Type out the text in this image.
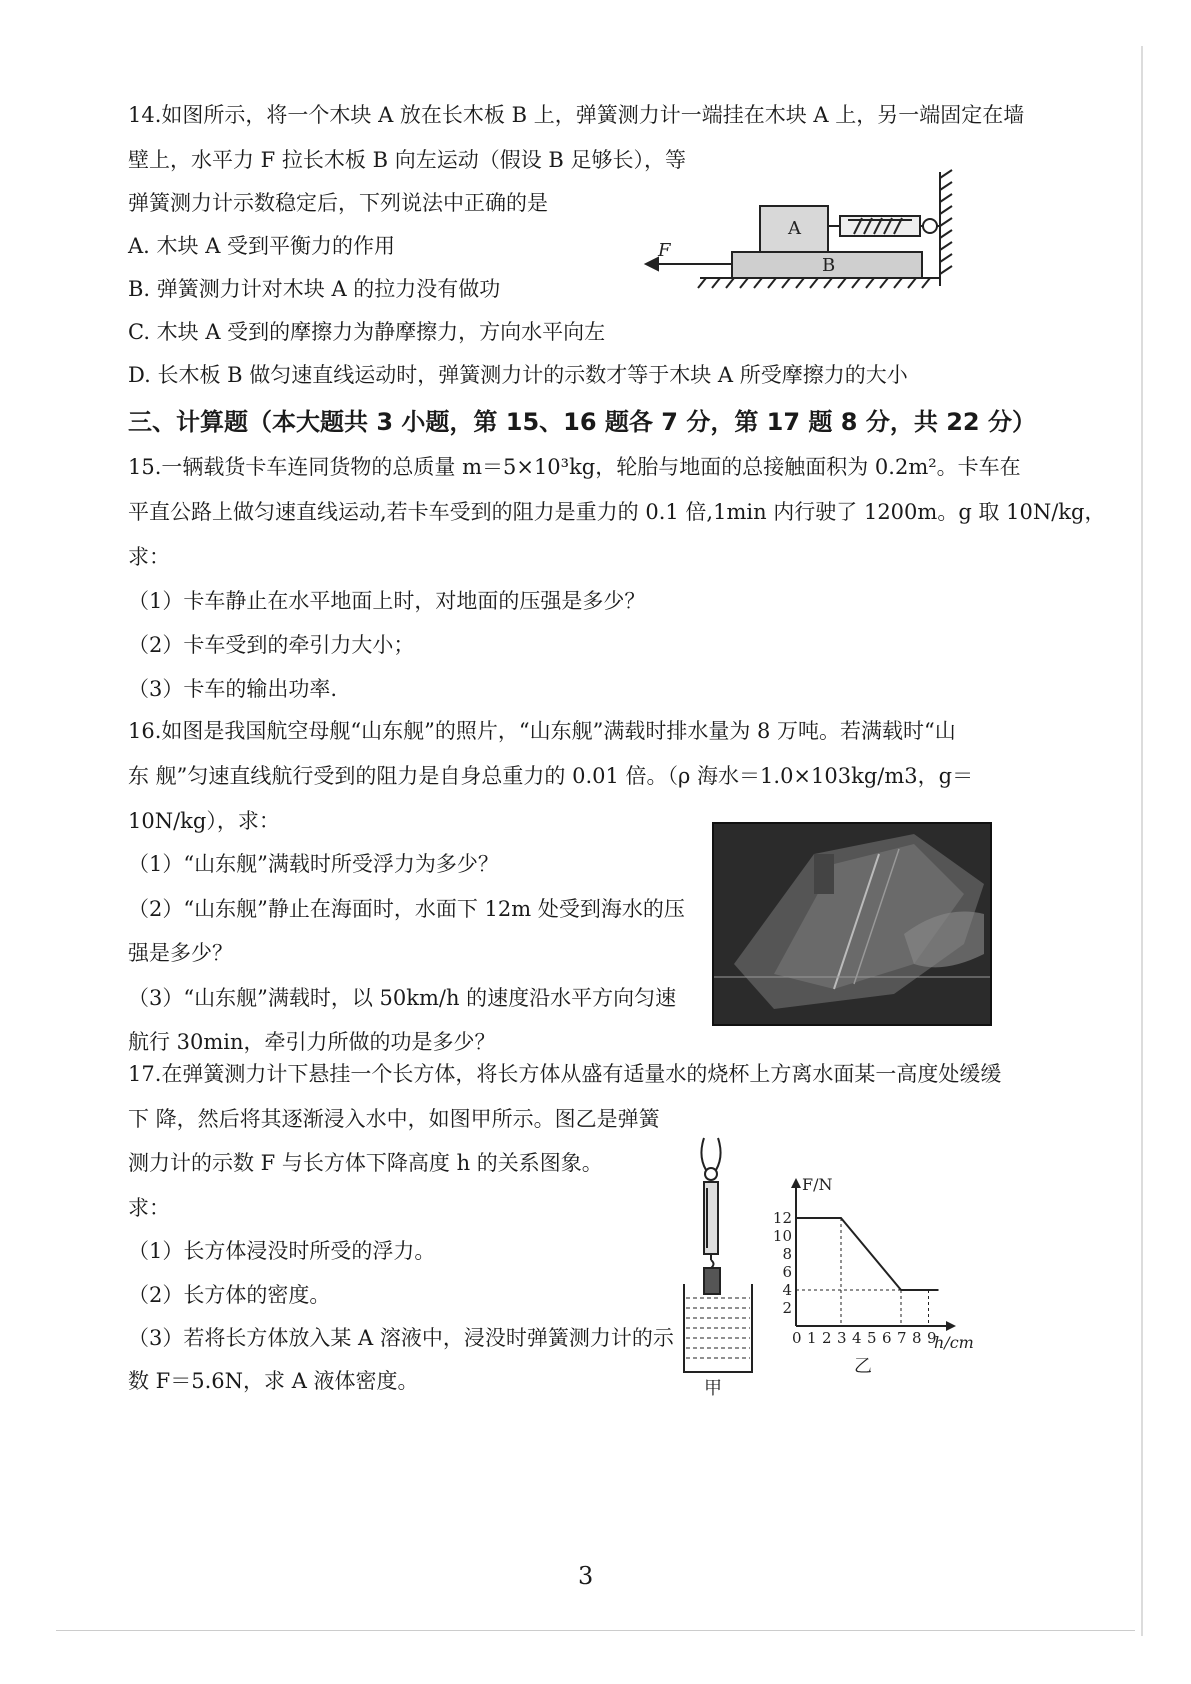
14.如图所示，将一个木块 A 放在长木板 B 上，弹簧测力计一端挂在木块 A 上，另一端固定在墙
壁上，水平力 F 拉长木板 B 向左运动（假设 B 足够长），等
弹簧测力计示数稳定后，下列说法中正确的是
A. 木块 A 受到平衡力的作用
B. 弹簧测力计对木块 A 的拉力没有做功
C. 木块 A 受到的摩擦力为静摩擦力，方向水平向左
D. 长木板 B 做匀速直线运动时，弹簧测力计的示数才等于木块 A 所受摩擦力的大小
A
B
F
三、计算题（本大题共 3 小题，第 15、16 题各 7 分，第 17 题 8 分，共 22 分）
15.一辆载货卡车连同货物的总质量 m＝5×10³kg，轮胎与地面的总接触面积为 0.2m²。卡车在
平直公路上做匀速直线运动,若卡车受到的阻力是重力的 0.1 倍,1min 内行驶了 1200m。g 取 10N/kg，
求：
（1）卡车静止在水平地面上时，对地面的压强是多少？
（2）卡车受到的牵引力大小；
（3）卡车的输出功率.
16.如图是我国航空母舰“山东舰”的照片，“山东舰”满载时排水量为 8 万吨。若满载时“山
东 舰”匀速直线航行受到的阻力是自身总重力的 0.01 倍。（ρ 海水＝1.0×103kg/m3，g＝
10N/kg），求：
（1）“山东舰”满载时所受浮力为多少？
（2）“山东舰”静止在海面时，水面下 12m 处受到海水的压
强是多少？
（3）“山东舰”满载时，以 50km/h 的速度沿水平方向匀速
航行 30min，牵引力所做的功是多少？
17.在弹簧测力计下悬挂一个长方体，将长方体从盛有适量水的烧杯上方离水面某一高度处缓缓
下 降，然后将其逐渐浸入水中，如图甲所示。图乙是弹簧
测力计的示数 F 与长方体下降高度 h 的关系图象。
求：
（1）长方体浸没时所受的浮力。
（2）长方体的密度。
（3）若将长方体放入某 A 溶液中，浸没时弹簧测力计的示
数 F＝5.6N，求 A 液体密度。	甲
F/N
h/cm
0 1 2 3 4 5 6 7 8 9
2
4
6
8
10
12
乙
3
